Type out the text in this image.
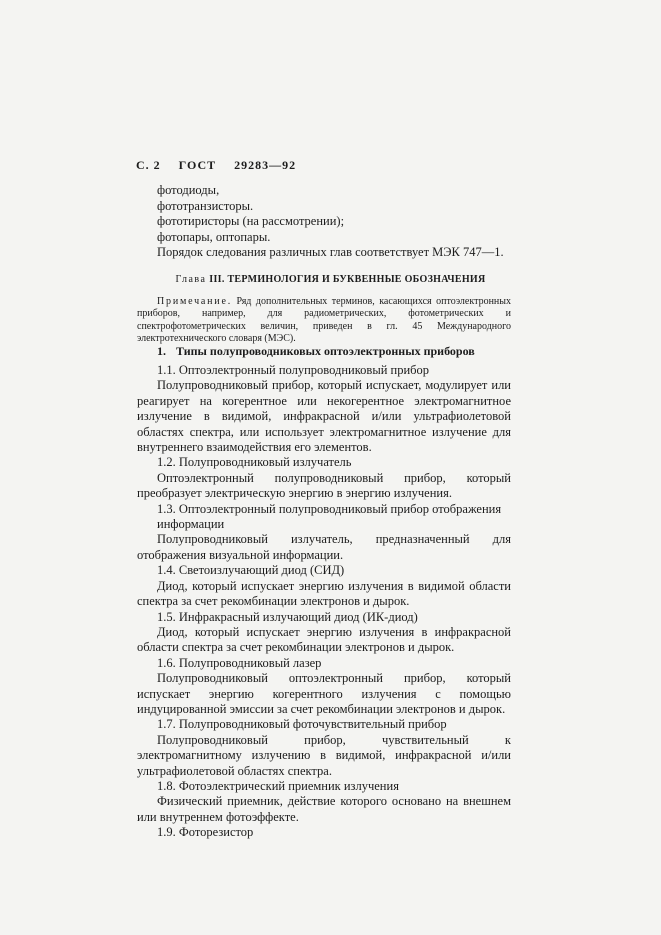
С. 2 ГОСТ 29283—92
фотодиоды,
фототранзисторы.
фототиристоры (на рассмотрении);
фотопары, оптопары.
Порядок следования различных глав соответствует МЭК 747—1.
Глава III. ТЕРМИНОЛОГИЯ И БУКВЕННЫЕ ОБОЗНАЧЕНИЯ
Примечание. Ряд дополнительных терминов, касающихся оптоэлектронных приборов, например, для радиометрических, фотометрических и спектрофотометрических величин, приведен в гл. 45 Международного электротехнического словаря (МЭС).
1. Типы полупроводниковых оптоэлектронных приборов
1.1. Оптоэлектронный полупроводниковый прибор
Полупроводниковый прибор, который испускает, модулирует или реагирует на когерентное или некогерентное электромагнитное излучение в видимой, инфракрасной и/или ультрафиолетовой областях спектра, или использует электромагнитное излучение для внутреннего взаимодействия его элементов.
1.2. Полупроводниковый излучатель
Оптоэлектронный полупроводниковый прибор, который преобразует электрическую энергию в энергию излучения.
1.3. Оптоэлектронный полупроводниковый прибор отображения информации
Полупроводниковый излучатель, предназначенный для отображения визуальной информации.
1.4. Светоизлучающий диод (СИД)
Диод, который испускает энергию излучения в видимой области спектра за счет рекомбинации электронов и дырок.
1.5. Инфракрасный излучающий диод (ИК-диод)
Диод, который испускает энергию излучения в инфракрасной области спектра за счет рекомбинации электронов и дырок.
1.6. Полупроводниковый лазер
Полупроводниковый оптоэлектронный прибор, который испускает энергию когерентного излучения с помощью индуцированной эмиссии за счет рекомбинации электронов и дырок.
1.7. Полупроводниковый фоточувствительный прибор
Полупроводниковый прибор, чувствительный к электромагнитному излучению в видимой, инфракрасной и/или ультрафиолетовой областях спектра.
1.8. Фотоэлектрический приемник излучения
Физический приемник, действие которого основано на внешнем или внутреннем фотоэффекте.
1.9. Фоторезистор
